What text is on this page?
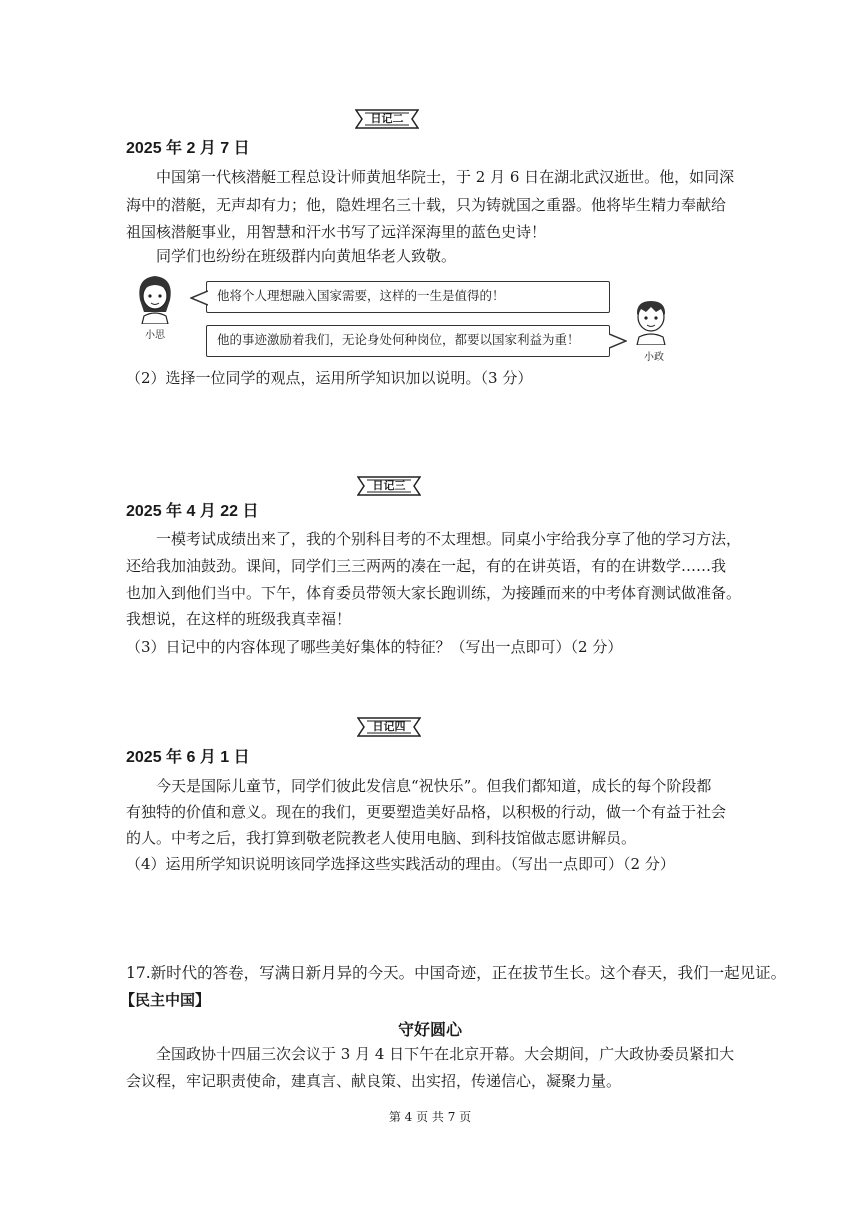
日记二
2025 年 2 月 7 日
中国第一代核潜艇工程总设计师黄旭华院士，于 2 月 6 日在湖北武汉逝世。他，如同深
海中的潜艇，无声却有力；他，隐姓埋名三十载，只为铸就国之重器。他将毕生精力奉献给
祖国核潜艇事业，用智慧和汗水书写了远洋深海里的蓝色史诗！
同学们也纷纷在班级群内向黄旭华老人致敬。
小思
他将个人理想融入国家需要，这样的一生是值得的！
他的事迹激励着我们，无论身处何种岗位，都要以国家利益为重！
小政
（2）选择一位同学的观点，运用所学知识加以说明。（3 分）
日记三
2025 年 4 月 22 日
一模考试成绩出来了，我的个别科目考的不太理想。同桌小宇给我分享了他的学习方法，
还给我加油鼓劲。课间，同学们三三两两的凑在一起，有的在讲英语，有的在讲数学……我
也加入到他们当中。下午，体育委员带领大家长跑训练，为接踵而来的中考体育测试做准备。
我想说，在这样的班级我真幸福！
（3）日记中的内容体现了哪些美好集体的特征？（写出一点即可）（2 分）
日记四
2025 年 6 月 1 日
今天是国际儿童节，同学们彼此发信息“祝快乐”。但我们都知道，成长的每个阶段都
有独特的价值和意义。现在的我们，更要塑造美好品格，以积极的行动，做一个有益于社会
的人。中考之后，我打算到敬老院教老人使用电脑、到科技馆做志愿讲解员。
（4）运用所学知识说明该同学选择这些实践活动的理由。（写出一点即可）（2 分）
17.新时代的答卷，写满日新月异的今天。中国奇迹，正在拔节生长。这个春天，我们一起见证。
【民主中国】
守好圆心
全国政协十四届三次会议于 3 月 4 日下午在北京开幕。大会期间，广大政协委员紧扣大
会议程，牢记职责使命，建真言、献良策、出实招，传递信心，凝聚力量。
第 4 页 共 7 页
